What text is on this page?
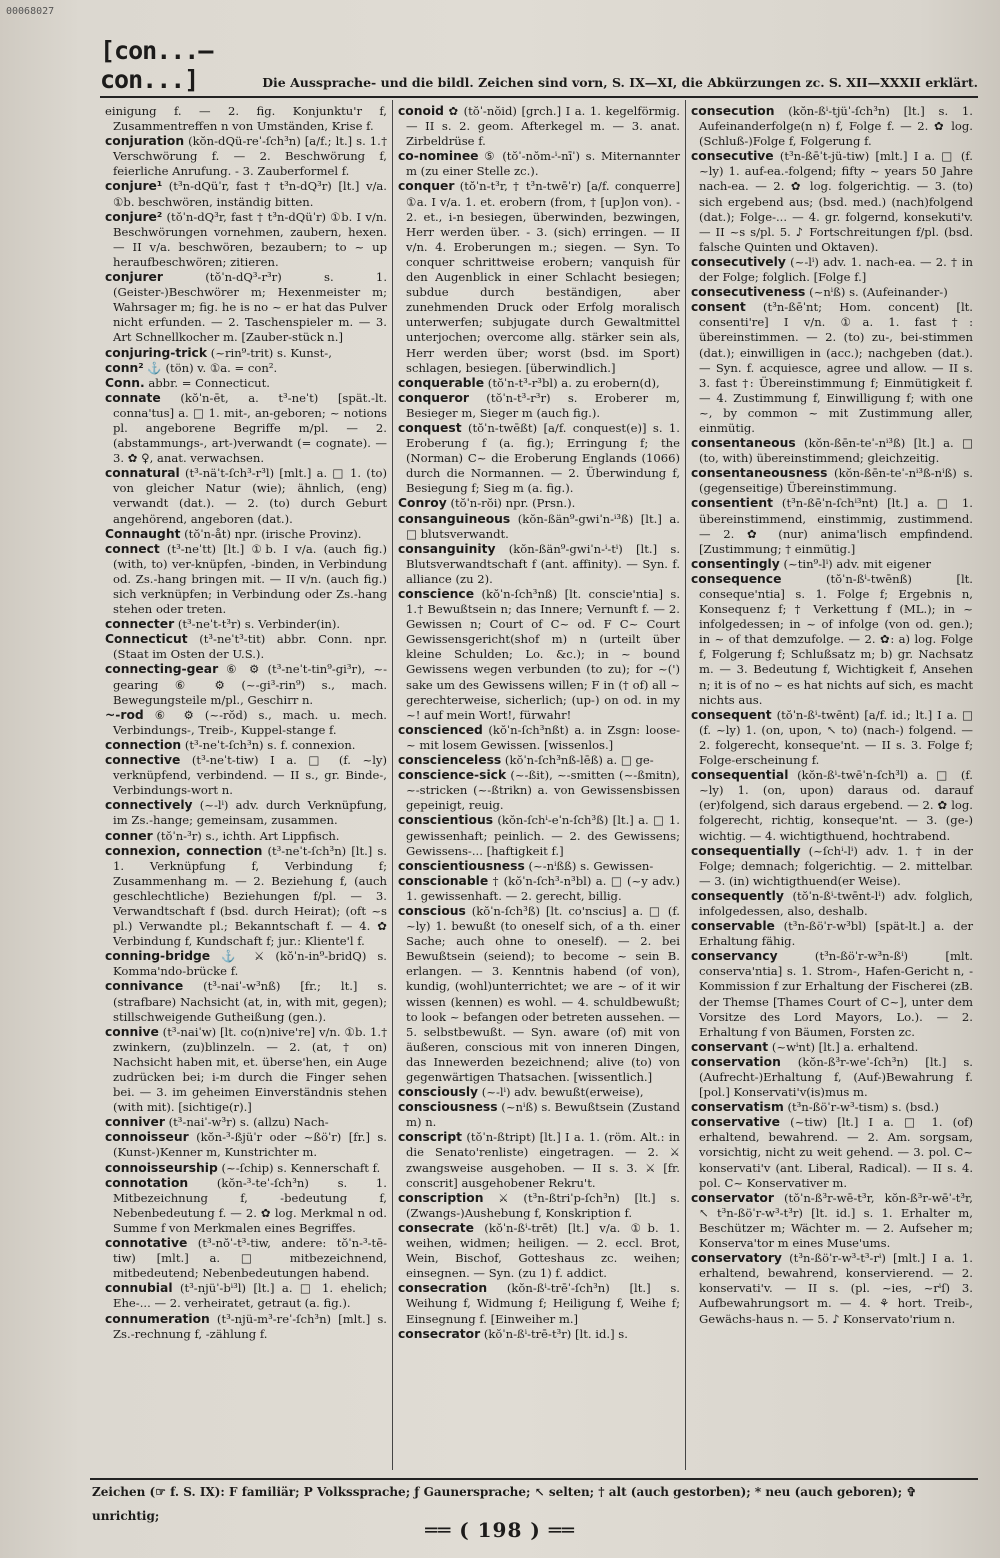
00068027
[con...—con...]	Die Aussprache- und die bildl. Zeichen sind vorn, S. IX—XI, die Abkürzungen zc. S. XII—XXXII erklärt.

einigung f. — 2. fig. Konjunktu'r f, Zusammentreffen n von Umständen, Krise f.

conjuration (kŏn-dQü-reˈ-ſch³n) [a/f.; lt.] s. 1.† Verschwörung f. — 2. Beschwörung f, feierliche Anrufung. - 3. Zauberformel f.

conjure¹ (t³n-dQüˈr, fast † t³n-dQ³r) [lt.] v/a. ①b. beschwören, inständig bitten.

conjure² (tŏˈn-dQ³r, fast † t³n-dQüˈr) ①b. I v/n. Beschwörungen vornehmen, zaubern, hexen. — II v/a. beschwören, bezaubern; to ~ up heraufbeschwören; zitieren.

conjurer (tŏˈn-dQ³-r³r) s. 1. (Geister-)Beschwörer m; Hexenmeister m; Wahrsager m; fig. he is no ~ er hat das Pulver nicht erfunden. — 2. Taschenspieler m. — 3. Art Schnellkocher m. [Zauber-stück n.]

conjuring-trick (~rin⁹-trit) s. Kunst-,

conn² ⚓ (tön) v. ①a. = con².

Conn. abbr. = Connecticut.

connate (kŏˈn-ēt, a. t³-neˈt) [spät.-lt. conna'tus] a. □ 1. mit-, an-geboren; ~ notions pl. angeborene Begriffe m/pl. — 2. (abstammungs-, art-)verwandt (= cognate). — 3. ✿ ♀, anat. verwachsen.

connatural (t³-näˈt-ſch³-r³l) [mlt.] a. □ 1. (to) von gleicher Natur (wie); ähnlich, (eng) verwandt (dat.). — 2. (to) durch Geburt angehörend, angeboren (dat.).

Connaught (tŏˈn-åt) npr. (irische Provinz).

connect (t³-neˈtt) [lt.] ①b. I v/a. (auch fig.) (with, to) ver-knüpfen, -binden, in Verbindung od. Zs.-hang bringen mit. — II v/n. (auch fig.) sich verknüpfen; in Verbindung oder Zs.-hang stehen oder treten.

connecter (t³-neˈt-t³r) s. Verbinder(in).

Connecticut (t³-neˈt³-tit) abbr. Conn. npr. (Staat im Osten der U.S.).

connecting-gear ⑥ ⚙ (t³-neˈt-tin⁹-gi³r), ~-gearing ⑥ ⚙ (~-gi³-rin⁹) s., mach. Bewegungsteile m/pl., Geschirr n.

~-rod ⑥ ⚙ (~-rŏd) s., mach. u. mech. Verbindungs-, Treib-, Kuppel-stange f.

connection (t³-neˈt-ſch³n) s. f. connexion.

connective (t³-neˈt-tiw) I a. □ (f. ~ly) verknüpfend, verbindend. — II s., gr. Binde-, Verbindungs-wort n.

connectively (~-lⁱ) adv. durch Verknüpfung, im Zs.-hange; gemeinsam, zusammen.

conner (tŏˈn-³r) s., ichth. Art Lippfisch.

connexion, connection (t³-neˈt-ſch³n) [lt.] s. 1. Verknüpfung f, Verbindung f; Zusammenhang m. — 2. Beziehung f, (auch geschlechtliche) Beziehungen f/pl. — 3. Verwandtschaft f (bsd. durch Heirat); (oft ~s pl.) Verwandte pl.; Bekanntschaft f. — 4. ✿ Verbindung f, Kundschaft f; jur.: Kliente'l f.

conning-bridge ⚓ ⚔ (kŏˈn-in⁹-bridQ) s. Komma'ndo-brücke f.

connivance (t³-naiˈ-w³nß) [fr.; lt.] s. (strafbare) Nachsicht (at, in, with mit, gegen); stillschweigende Gutheißung (gen.).

connive (t³-naiˈw) [lt. co(n)nive're] v/n. ①b. 1.† zwinkern, (zu)blinzeln. — 2. (at, † on) Nachsicht haben mit, et. überse'hen, ein Auge zudrücken bei; i-m durch die Finger sehen bei. — 3. im geheimen Einverständnis stehen (with mit). [sichtige(r).]

conniver (t³-naiˈ-w³r) s. (allzu) Nach-

connoisseur (kŏn-³-ßjüˈr oder ~ßöˈr) [fr.] s. (Kunst-)Kenner m, Kunstrichter m.

connoisseurship (~-ſchip) s. Kennerschaft f.

connotation (kŏn-³-teˈ-ſch³n) s. 1. Mitbezeichnung f, -bedeutung f, Nebenbedeutung f. — 2. ✿ log. Merkmal n od. Summe f von Merkmalen eines Begriffes.

connotative (t³-nŏˈ-t³-tiw, andere: tŏˈn-³-tē-tiw) [mlt.] a. □ mitbezeichnend, mitbedeutend; Nebenbedeutungen habend.

connubial (t³-njüˈ-bⁱ³l) [lt.] a. □ 1. ehelich; Ehe-... — 2. verheiratet, getraut (a. fig.).

connumeration (t³-njü-m³-reˈ-ſch³n) [mlt.] s. Zs.-rechnung f, -zählung f.

conoid ✿ (tŏˈ-nŏid) [grch.] I a. 1. kegelförmig. — II s. 2. geom. Afterkegel m. — 3. anat. Zirbeldrüse f.

co-nominee ⑤ (tŏˈ-nŏm-ⁱ-nīˈ) s. Miternannter m (zu einer Stelle zc.).

conquer (tŏˈn-t³r, † t³n-twēˈr) [a/f. conquerre] ①a. I v/a. 1. et. erobern (from, † [up]on von). - 2. et., i-n besiegen, überwinden, bezwingen, Herr werden über. - 3. (sich) erringen. — II v/n. 4. Eroberungen m.; siegen. — Syn. To conquer schrittweise erobern; vanquish für den Augenblick in einer Schlacht besiegen; subdue durch beständigen, aber zunehmenden Druck oder Erfolg moralisch unterwerfen; subjugate durch Gewaltmittel unterjochen; overcome allg. stärker sein als, Herr werden über; worst (bsd. im Sport) schlagen, besiegen. [überwindlich.]

conquerable (tŏˈn-t³-r³bl) a. zu erobern(d),

conqueror (tŏˈn-t³-r³r) s. Eroberer m, Besieger m, Sieger m (auch fig.).

conquest (tŏˈn-twēßt) [a/f. conquest(e)] s. 1. Eroberung f (a. fig.); Erringung f; the (Norman) C~ die Eroberung Englands (1066) durch die Normannen. — 2. Überwindung f, Besiegung f; Sieg m (a. fig.).

Conroy (tŏˈn-rŏi) npr. (Prsn.).

consanguineous (kŏn-ßän⁹-gwiˈn-ⁱ³ß) [lt.] a. □ blutsverwandt.

consanguinity (kŏn-ßän⁹-gwiˈn-ⁱ-tⁱ) [lt.] s. Blutsverwandtschaft f (ant. affinity). — Syn. f. alliance (zu 2).

conscience (kŏˈn-ſch³nß) [lt. conscie'ntia] s. 1.† Bewußtsein n; das Innere; Vernunft f. — 2. Gewissen n; Court of C~ od. F C~ Court Gewissensgericht(shof m) n (urteilt über kleine Schulden; Lo. &c.); in ~ bound Gewissens wegen verbunden (to zu); for ~(') sake um des Gewissens willen; F in († of) all ~ gerechterweise, sicherlich; (up-) on od. in my ~! auf mein Wort!, fürwahr!

conscienced (kŏˈn-ſch³nßt) a. in Zsgn: loose-~ mit losem Gewissen. [wissenlos.]

conscienceless (kŏˈn-ſch³nß-lēß) a. □ ge-

conscience-sick (~-ßit), ~-smitten (~-ßmitn), ~-stricken (~-ßtrikn) a. von Gewissensbissen gepeinigt, reuig.

conscientious (kŏn-ſchⁱ-eˈn-ſch³ß) [lt.] a. □ 1. gewissenhaft; peinlich. — 2. des Gewissens; Gewissens-... [haftigkeit f.]

conscientiousness (~-nⁱßß) s. Gewissen-

conscionable † (kŏˈn-ſch³-n³bl) a. □ (~y adv.) 1. gewissenhaft. — 2. gerecht, billig.

conscious (kŏˈn-ſch³ß) [lt. co'nscius] a. □ (f. ~ly) 1. bewußt (to oneself sich, of a th. einer Sache; auch ohne to oneself). — 2. bei Bewußtsein (seiend); to become ~ sein B. erlangen. — 3. Kenntnis habend (of von), kundig, (wohl)unterrichtet; we are ~ of it wir wissen (kennen) es wohl. — 4. schuldbewußt; to look ~ befangen oder betreten aussehen. — 5. selbstbewußt. — Syn. aware (of) mit von äußeren, conscious mit von inneren Dingen, das Innewerden bezeichnend; alive (to) von gegenwärtigen Thatsachen. [wissentlich.]

consciously (~-lⁱ) adv. bewußt(erweise),

consciousness (~nⁱß) s. Bewußtsein (Zustand m) n.

conscript (tŏˈn-ßtript) [lt.] I a. 1. (röm. Alt.: in die Senato'renliste) eingetragen. — 2. ⚔ zwangsweise ausgehoben. — II s. 3. ⚔ [fr. conscrit] ausgehobener Rekru't.

conscription ⚔ (t³n-ßtriˈp-ſch³n) [lt.] s. (Zwangs-)Aushebung f, Konskription f.

consecrate (kŏˈn-ßⁱ-trēt) [lt.] v/a. ①b. 1. weihen, widmen; heiligen. — 2. eccl. Brot, Wein, Bischof, Gotteshaus zc. weihen; einsegnen. — Syn. (zu 1) f. addict.

consecration (kŏn-ßⁱ-trēˈ-ſch³n) [lt.] s. Weihung f, Widmung f; Heiligung f, Weihe f; Einsegnung f. [Einweiher m.]

consecrator (kŏˈn-ßⁱ-trē-t³r) [lt. id.] s.

consecution (kŏn-ßⁱ-tjüˈ-ſch³n) [lt.] s. 1. Aufeinanderfolge(n n) f, Folge f. — 2. ✿ log. (Schluß-)Folge f, Folgerung f.

consecutive (t³n-ßēˈt-jü-tiw) [mlt.] I a. □ (f. ~ly) 1. auf-ea.-folgend; fifty ~ years 50 Jahre nach-ea. — 2. ✿ log. folgerichtig. — 3. (to) sich ergebend aus; (bsd. med.) (nach)folgend (dat.); Folge-... — 4. gr. folgernd, konsekuti'v. — II ~s s/pl. 5. ♪ Fortschreitungen f/pl. (bsd. falsche Quinten und Oktaven).

consecutively (~-lⁱ) adv. 1. nach-ea. — 2. † in der Folge; folglich. [Folge f.]

consecutiveness (~nⁱß) s. (Aufeinander-)

consent (t³n-ßēˈnt; Hom. concent) [lt. consenti're] I v/n. ①a. 1. fast †: übereinstimmen. — 2. (to) zu-, bei-stimmen (dat.); einwilligen in (acc.); nachgeben (dat.). — Syn. f. acquiesce, agree und allow. — II s. 3. fast †: Übereinstimmung f; Einmütigkeit f. — 4. Zustimmung f, Einwilligung f; with one ~, by common ~ mit Zustimmung aller, einmütig.

consentaneous (kŏn-ßēn-teˈ-nⁱ³ß) [lt.] a. □ (to, with) übereinstimmend; gleichzeitig.

consentaneousness (kŏn-ßēn-teˈ-nⁱ³ß-nⁱß) s. (gegenseitige) Übereinstimmung.

consentient (t³n-ßēˈn-ſchⁱ³nt) [lt.] a. □ 1. übereinstimmend, einstimmig, zustimmend. — 2. ✿ (nur) anima'lisch empfindend. [Zustimmung; † einmütig.]

consentingly (~tin⁹-lⁱ) adv. mit eigener

consequence (tŏˈn-ßⁱ-twēnß) [lt. conseque'ntia] s. 1. Folge f; Ergebnis n, Konsequenz f; † Verkettung f (ML.); in ~ infolgedessen; in ~ of infolge (von od. gen.); in ~ of that demzufolge. — 2. ✿: a) log. Folge f, Folgerung f; Schlußsatz m; b) gr. Nachsatz m. — 3. Bedeutung f, Wichtigkeit f, Ansehen n; it is of no ~ es hat nichts auf sich, es macht nichts aus.

consequent (tŏˈn-ßⁱ-twēnt) [a/f. id.; lt.] I a. □ (f. ~ly) 1. (on, upon, ↖ to) (nach-) folgend. — 2. folgerecht, konseque'nt. — II s. 3. Folge f; Folge-erscheinung f.

consequential (kŏn-ßⁱ-twēˈn-ſch³l) a. □ (f. ~ly) 1. (on, upon) daraus od. darauf (er)folgend, sich daraus ergebend. — 2. ✿ log. folgerecht, richtig, konseque'nt. — 3. (ge-) wichtig. — 4. wichtigthuend, hochtrabend.

consequentially (~ſchⁱ-lⁱ) adv. 1. † in der Folge; demnach; folgerichtig. — 2. mittelbar. — 3. (in) wichtigthuend(er Weise).

consequently (tŏˈn-ßⁱ-twēnt-lⁱ) adv. folglich, infolgedessen, also, deshalb.

conservable (t³n-ßöˈr-w³bl) [spät-lt.] a. der Erhaltung fähig.

conservancy (t³n-ßöˈr-w³n-ßⁱ) [mlt. conserva'ntia] s. 1. Strom-, Hafen-Gericht n, -Kommission f zur Erhaltung der Fischerei (zB. der Themse [Thames Court of C~], unter dem Vorsitze des Lord Mayors, Lo.). — 2. Erhaltung f von Bäumen, Forsten zc.

conservant (~wⁱnt) [lt.] a. erhaltend.

conservation (kŏn-ß³r-weˈ-ſch³n) [lt.] s. (Aufrecht-)Erhaltung f, (Auf-)Bewahrung f. [pol.] Konservati'v(is)mus m.

conservatism (t³n-ßöˈr-w³-tism) s. (bsd.)

conservative (~tiw) [lt.] I a. □ 1. (of) erhaltend, bewahrend. — 2. Am. sorgsam, vorsichtig, nicht zu weit gehend. — 3. pol. C~ konservati'v (ant. Liberal, Radical). — II s. 4. pol. C~ Konservativer m.

conservator (tŏˈn-ß³r-wē-t³r, kŏn-ß³r-wēˈ-t³r, ↖ t³n-ßöˈr-w³-t³r) [lt. id.] s. 1. Erhalter m, Beschützer m; Wächter m. — 2. Aufseher m; Konserva'tor m eines Muse'ums.

conservatory (t³n-ßöˈr-w³-t³-rⁱ) [mlt.] I a. 1. erhaltend, bewahrend, konservierend. — 2. konservati'v. — II s. (pl. ~ies, ~rⁱſ) 3. Aufbewahrungsort m. — 4. ⚘ hort. Treib-, Gewächs-haus n. — 5. ♪ Konservato'rium n.

Zeichen (☞ f. S. IX): F familiär; P Volkssprache; ƒ Gaunersprache; ↖ selten; † alt (auch gestorben); * neu (auch geboren); ✞ unrichtig;
══ ( 198 ) ══
